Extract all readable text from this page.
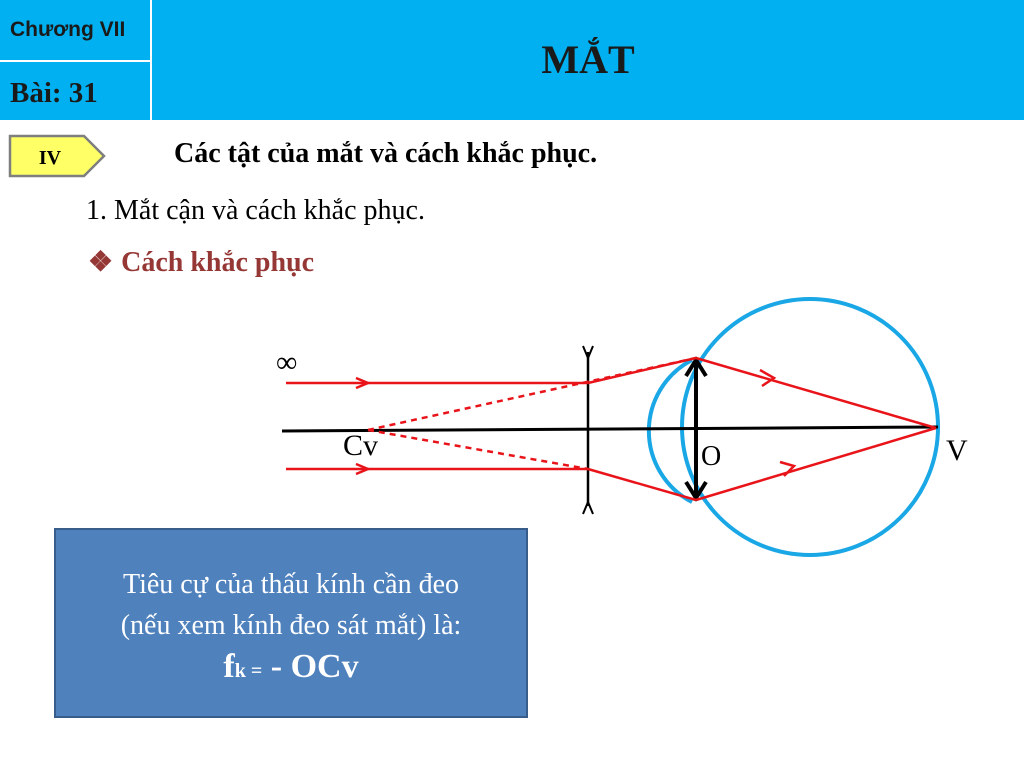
Chương VII
Bài: 31
MẮT
IV	Các tật của mắt và cách khắc phục.
1. Mắt cận và cách khắc phục.
❖ Cách khắc phục
∞
Cv	O	V
Tiêu cự của thấu kính cần đeo
(nếu xem kính đeo sát mắt) là:
fk = - OCv
